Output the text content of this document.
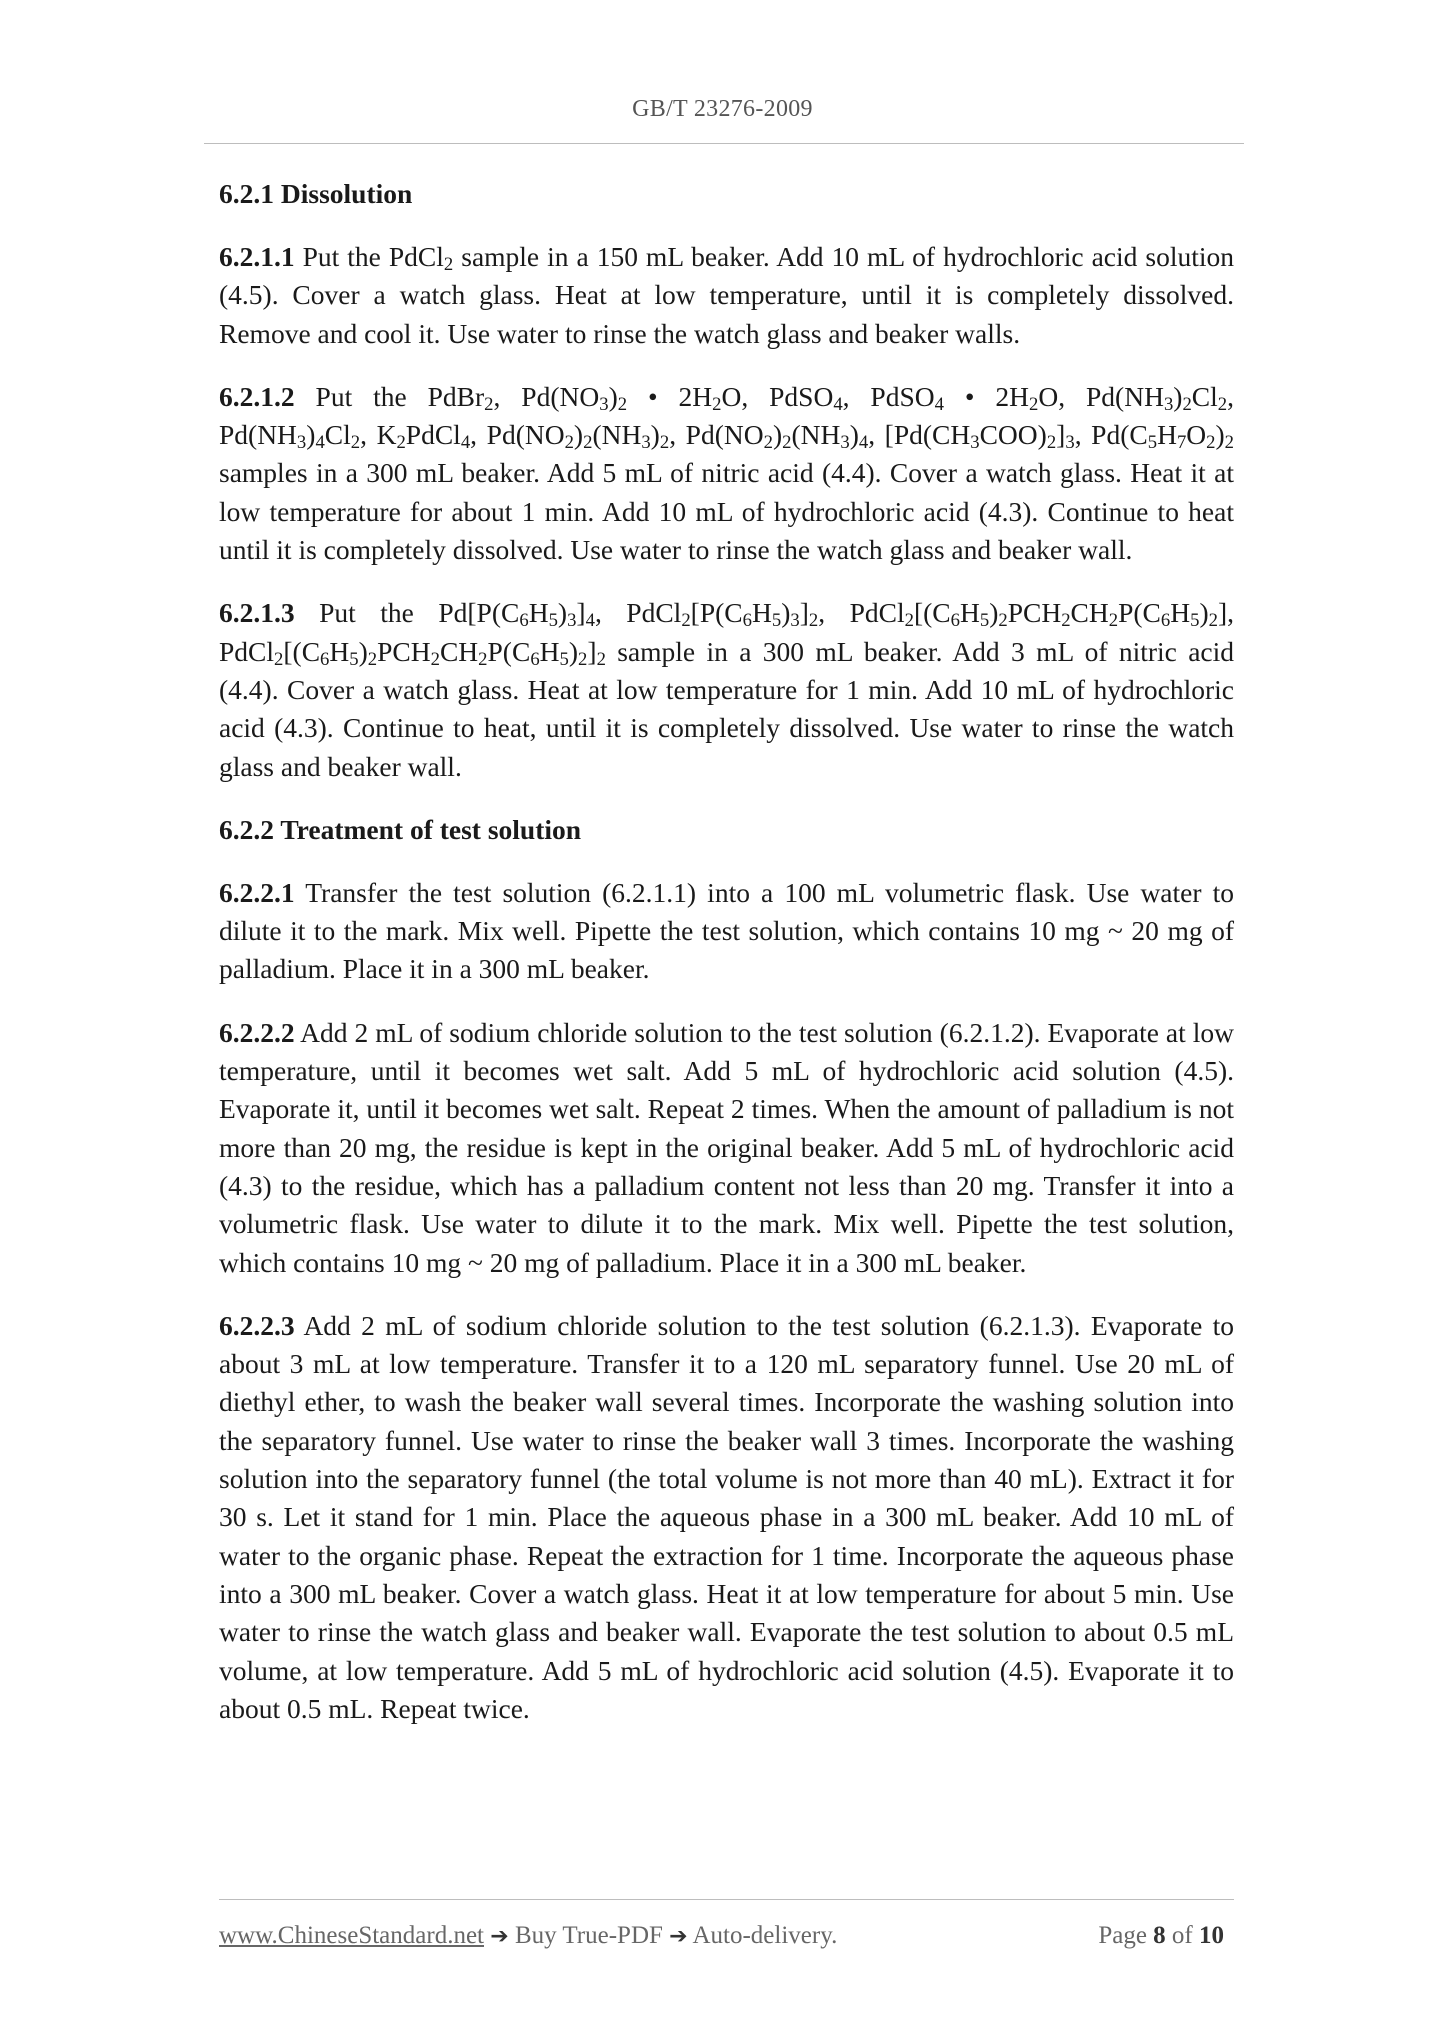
GB/T 23276-2009
6.2.1 Dissolution

6.2.1.1 Put the PdCl$_2$ sample in a 150 mL beaker. Add 10 mL of hydrochloric acid solution (4.5). Cover a watch glass. Heat at low temperature, until it is completely dissolved. Remove and cool it. Use water to rinse the watch glass and beaker walls.

6.2.1.2 Put the PdBr$_2$, $Pd(NO_3)_2$ • $2H_2O$, PdSO$_4$, PdSO$_4$ • $2H_2O$, $Pd(NH_3)_2Cl_2$, $Pd(NH_3)_4Cl_2$, $K_2PdCl_4$, $Pd(NO_2)_2(NH_3)_2$, $Pd(NO_2)_2(NH_3)_4$, $[Pd(CH_3COO)_2]_3$, $Pd(C_5H_7O_2)_2$ samples in a 300 mL beaker. Add 5 mL of nitric acid (4.4). Cover a watch glass. Heat it at low temperature for about 1 min. Add 10 mL of hydrochloric acid (4.3). Continue to heat until it is completely dissolved. Use water to rinse the watch glass and beaker wall.

6.2.1.3 Put the $Pd[P(C_6H_5)_3]_4$, $PdCl_2[P(C_6H_5)_3]_2$, $PdCl_2[(C_6H_5)_2PCH_2CH_2P(C_6H_5)_2]$, $PdCl_2[(C_6H_5)_2PCH_2CH_2P(C_6H_5)_2]_2$ sample in a 300 mL beaker. Add 3 mL of nitric acid (4.4). Cover a watch glass. Heat at low temperature for 1 min. Add 10 mL of hydrochloric acid (4.3). Continue to heat, until it is completely dissolved. Use water to rinse the watch glass and beaker wall.

6.2.2 Treatment of test solution

6.2.2.1 Transfer the test solution (6.2.1.1) into a 100 mL volumetric flask. Use water to dilute it to the mark. Mix well. Pipette the test solution, which contains 10 mg ~ 20 mg of palladium. Place it in a 300 mL beaker.

6.2.2.2 Add 2 mL of sodium chloride solution to the test solution (6.2.1.2). Evaporate at low temperature, until it becomes wet salt. Add 5 mL of hydrochloric acid solution (4.5). Evaporate it, until it becomes wet salt. Repeat 2 times. When the amount of palladium is not more than 20 mg, the residue is kept in the original beaker. Add 5 mL of hydrochloric acid (4.3) to the residue, which has a palladium content not less than 20 mg. Transfer it into a volumetric flask. Use water to dilute it to the mark. Mix well. Pipette the test solution, which contains 10 mg ~ 20 mg of palladium. Place it in a 300 mL beaker.

6.2.2.3 Add 2 mL of sodium chloride solution to the test solution (6.2.1.3). Evaporate to about 3 mL at low temperature. Transfer it to a 120 mL separatory funnel. Use 20 mL of diethyl ether, to wash the beaker wall several times. Incorporate the washing solution into the separatory funnel. Use water to rinse the beaker wall 3 times. Incorporate the washing solution into the separatory funnel (the total volume is not more than 40 mL). Extract it for 30 s. Let it stand for 1 min. Place the aqueous phase in a 300 mL beaker. Add 10 mL of water to the organic phase. Repeat the extraction for 1 time. Incorporate the aqueous phase into a 300 mL beaker. Cover a watch glass. Heat it at low temperature for about 5 min. Use water to rinse the watch glass and beaker wall. Evaporate the test solution to about 0.5 mL volume, at low temperature. Add 5 mL of hydrochloric acid solution (4.5). Evaporate it to about 0.5 mL. Repeat twice.

www.ChineseStandard.net ➔ Buy True-PDF ➔ Auto-delivery.	Page 8 of 10
